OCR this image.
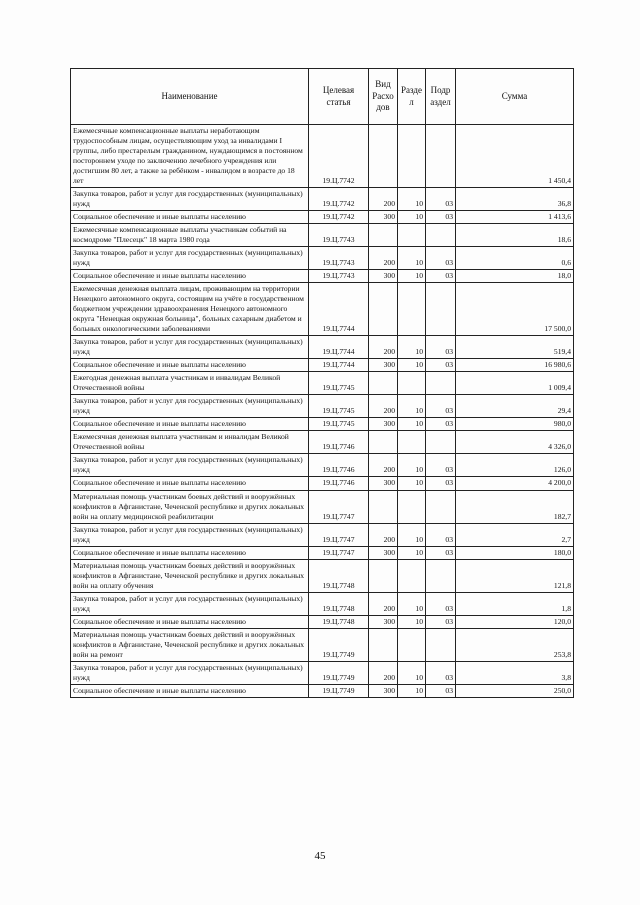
Наименование	Целевая статья	Вид Расхо дов	Разде л	Подр аздел	Сумма
Ежемесячные компенсационные выплаты неработающим трудоспособным лицам, осуществляющим уход за инвалидами I группы, либо престарелым гражданином, нуждающимся в постоянном постороннем уходе по заключению лечебного учреждения или достигшим 80 лет, а также за ребёнком - инвалидом в возрасте до 18 лет	19.Ц.7742				1 450,4
Закупка товаров, работ и услуг для государственных (муниципальных) нужд	19.Ц.7742	200	10	03	36,8
Социальное обеспечение и иные выплаты населению	19.Ц.7742	300	10	03	1 413,6
Ежемесячные компенсационные выплаты участникам событий на космодроме "Плесецк" 18 марта 1980 года	19.Ц.7743				18,6
Закупка товаров, работ и услуг для государственных (муниципальных) нужд	19.Ц.7743	200	10	03	0,6
Социальное обеспечение и иные выплаты населению	19.Ц.7743	300	10	03	18,0
Ежемесячная денежная выплата лицам, проживающим на территории Ненецкого автономного округа, состоящим на учёте в государственном бюджетном учреждении здравоохранения Ненецкого автономного округа "Ненецкая окружная больница", больных сахарным диабетом и больных онкологическими заболеваниями	19.Ц.7744				17 500,0
Закупка товаров, работ и услуг для государственных (муниципальных) нужд	19.Ц.7744	200	10	03	519,4
Социальное обеспечение и иные выплаты населению	19.Ц.7744	300	10	03	16 980,6
Ежегодная денежная выплата участникам и инвалидам Великой Отечественной войны	19.Ц.7745				1 009,4
Закупка товаров, работ и услуг для государственных (муниципальных) нужд	19.Ц.7745	200	10	03	29,4
Социальное обеспечение и иные выплаты населению	19.Ц.7745	300	10	03	980,0
Ежемесячная денежная выплата участникам и инвалидам Великой Отечественной войны	19.Ц.7746				4 326,0
Закупка товаров, работ и услуг для государственных (муниципальных) нужд	19.Ц.7746	200	10	03	126,0
Социальное обеспечение и иные выплаты населению	19.Ц.7746	300	10	03	4 200,0
Материальная помощь участникам боевых действий и вооружённых конфликтов в Афганистане, Чеченской республике и других локальных войн на оплату медицинской реабилитации	19.Ц.7747				182,7
Закупка товаров, работ и услуг для государственных (муниципальных) нужд	19.Ц.7747	200	10	03	2,7
Социальное обеспечение и иные выплаты населению	19.Ц.7747	300	10	03	180,0
Материальная помощь участникам боевых действий и вооружённых конфликтов в Афганистане, Чеченской республике и других локальных войн на оплату обучения	19.Ц.7748				121,8
Закупка товаров, работ и услуг для государственных (муниципальных) нужд	19.Ц.7748	200	10	03	1,8
Социальное обеспечение и иные выплаты населению	19.Ц.7748	300	10	03	120,0
Материальная помощь участникам боевых действий и вооружённых конфликтов в Афганистане, Чеченской республике и других локальных войн на ремонт	19.Ц.7749				253,8
Закупка товаров, работ и услуг для государственных (муниципальных) нужд	19.Ц.7749	200	10	03	3,8
Социальное обеспечение и иные выплаты населению	19.Ц.7749	300	10	03	250,0
45
